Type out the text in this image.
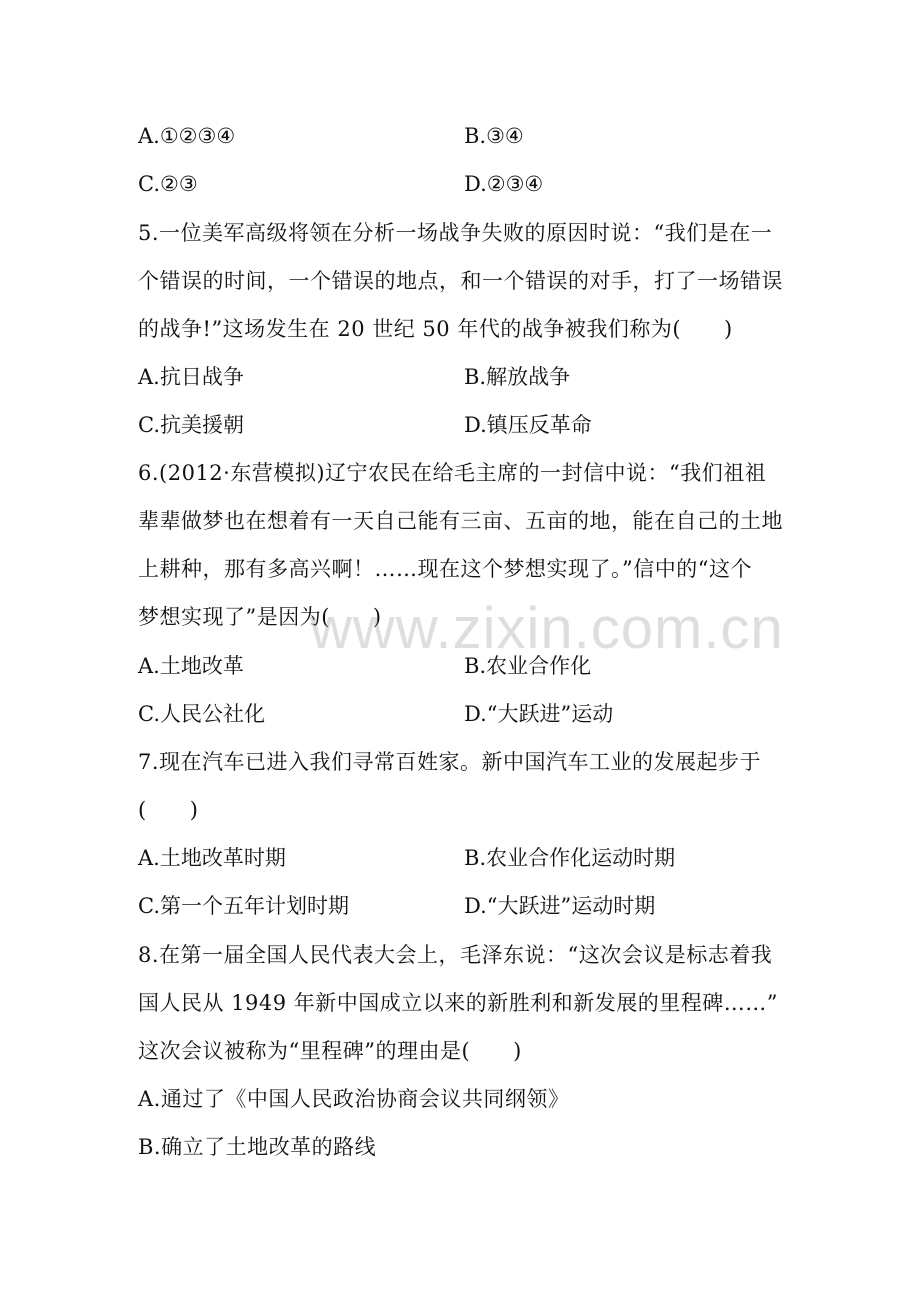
A.①②③④	B.③④
C.②③	D.②③④
5.一位美军高级将领在分析一场战争失败的原因时说：“我们是在一
个错误的时间，一个错误的地点，和一个错误的对手，打了一场错误
的战争!”这场发生在 20 世纪 50 年代的战争被我们称为(　　)
A.抗日战争	B.解放战争
C.抗美援朝	D.镇压反革命
6.(2012·东营模拟)辽宁农民在给毛主席的一封信中说：“我们祖祖
辈辈做梦也在想着有一天自己能有三亩、五亩的地，能在自己的土地
上耕种，那有多高兴啊！……现在这个梦想实现了。”信中的“这个
梦想实现了”是因为(　　)
A.土地改革	B.农业合作化
C.人民公社化	D.“大跃进”运动
7.现在汽车已进入我们寻常百姓家。新中国汽车工业的发展起步于
(　　)
A.土地改革时期	B.农业合作化运动时期
C.第一个五年计划时期	D.“大跃进”运动时期
8.在第一届全国人民代表大会上，毛泽东说：“这次会议是标志着我
国人民从 1949 年新中国成立以来的新胜利和新发展的里程碑……”
这次会议被称为“里程碑”的理由是(　　)
A.通过了《中国人民政治协商会议共同纲领》
B.确立了土地改革的路线
www.zixin.com.cn
